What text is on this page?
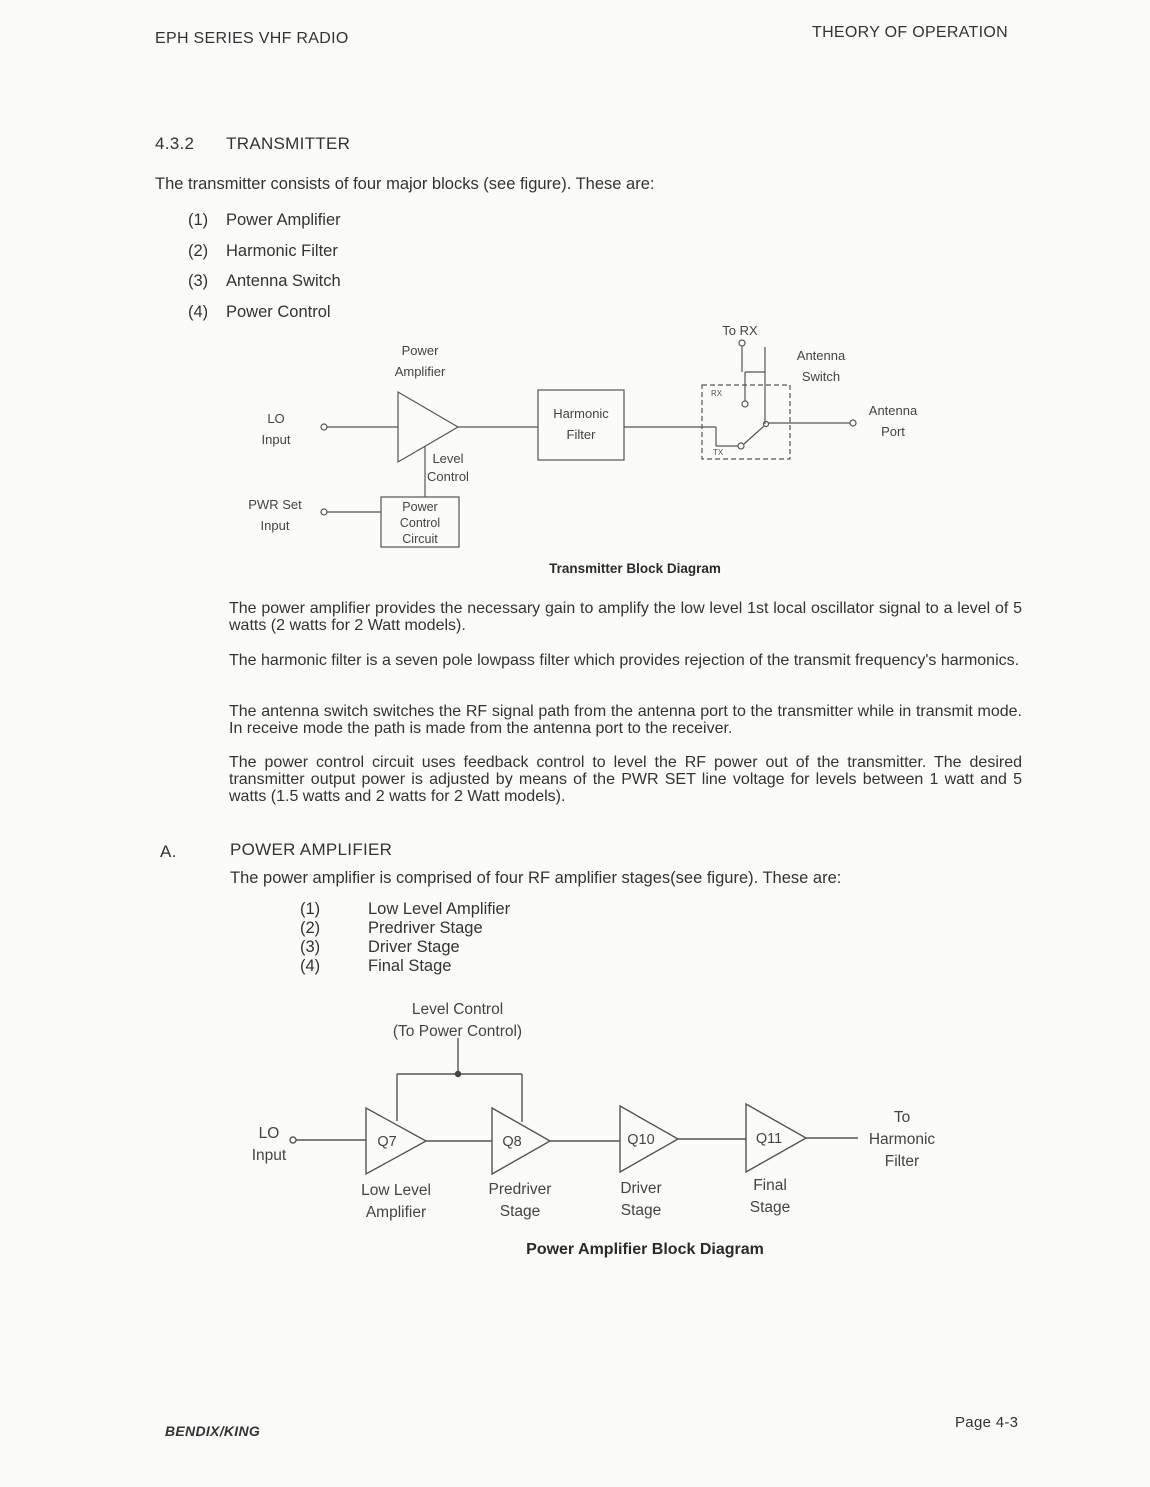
EPH SERIES VHF RADIO	THEORY OF OPERATION
4.3.2 TRANSMITTER
The transmitter consists of four major blocks (see figure). These are:
(1) Power Amplifier
(2) Harmonic Filter
(3) Antenna Switch
(4) Power Control
LO
Input
PWR Set
Input
Power
Amplifier
Level
Control
Power
Control
Circuit
Harmonic
Filter
To RX
Antenna
Switch
RX
TX
Antenna
Port
Transmitter Block Diagram
The power amplifier provides the necessary gain to amplify the low level 1st local oscillator signal to a level of 5 watts (2 watts for 2 Watt models).
The harmonic filter is a seven pole lowpass filter which provides rejection of the transmit frequency's harmonics.
The antenna switch switches the RF signal path from the antenna port to the transmitter while in transmit mode. In receive mode the path is made from the antenna port to the receiver.
The power control circuit uses feedback control to level the RF power out of the transmitter. The desired transmitter output power is adjusted by means of the PWR SET line voltage for levels between 1 watt and 5 watts (1.5 watts and 2 watts for 2 Watt models).
A.	POWER AMPLIFIER
The power amplifier is comprised of four RF amplifier stages(see figure). These are:
(1)	Low Level Amplifier
(2)	Predriver Stage
(3)	Driver Stage
(4)	Final Stage
Level Control
(To Power Control)
LO
Input
Q7	Q8	Q10	Q11
To
Harmonic
Filter
Low Level
Amplifier
Predriver
Stage
Driver
Stage
Final
Stage
Power Amplifier Block Diagram
BENDIX/KING	Page 4-3
